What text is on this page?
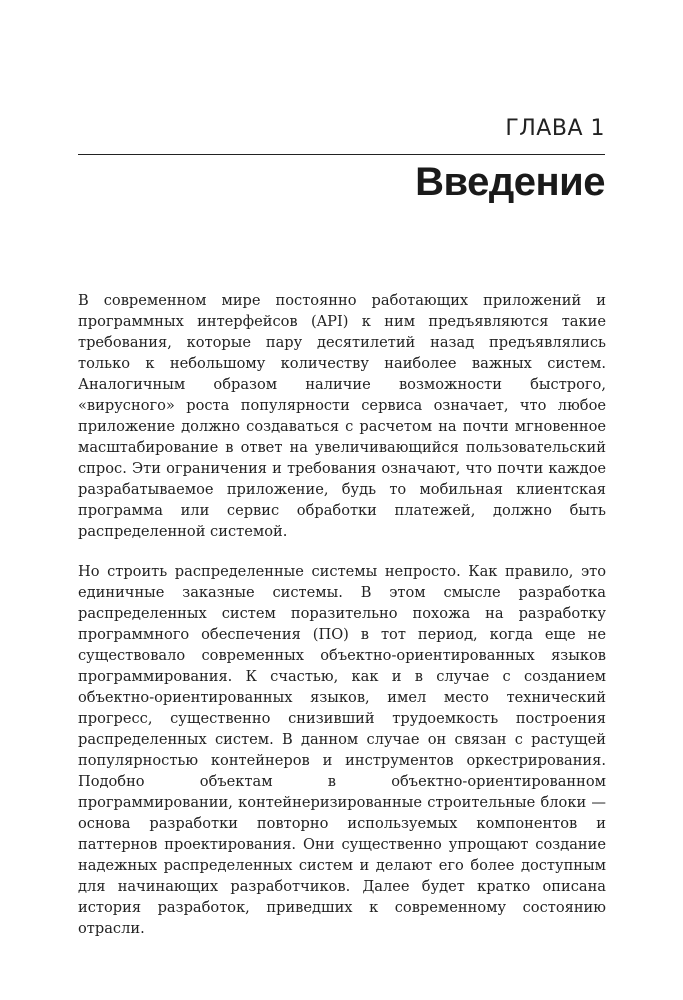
ГЛАВА 1
Введение

В современном мире постоянно работающих приложений и программных интерфейсов (API) к ним предъявляются такие требования, которые пару десятилетий назад предъявлялись только к небольшому количеству наиболее важных систем. Аналогичным образом наличие возможности быстрого, «вирусного» роста популярности сервиса означает, что любое приложение должно создаваться с расчетом на почти мгновенное масштабирование в ответ на увеличивающийся пользовательский спрос. Эти ограничения и требования означают, что почти каждое разрабатываемое приложение, будь то мобильная клиентская программа или сервис обработки платежей, должно быть распределенной системой.

Но строить распределенные системы непросто. Как правило, это единичные заказные системы. В этом смысле разработка распределенных систем поразительно похожа на разработку программного обеспечения (ПО) в тот период, когда еще не существовало современных объектно-ориентированных языков программирования. К счастью, как и в случае с созданием объектно-ориентированных языков, имел место технический прогресс, существенно снизивший трудоемкость построения распределенных систем. В данном случае он связан с растущей популярностью контейнеров и инструментов оркестрирования. Подобно объектам в объектно-ориентированном программировании, контейнеризированные строительные блоки — основа разработки повторно используемых компонентов и паттернов проектирования. Они существенно упрощают создание надежных распределенных систем и делают его более доступным для начинающих разработчиков. Далее будет кратко описана история разработок, приведших к современному состоянию отрасли.
